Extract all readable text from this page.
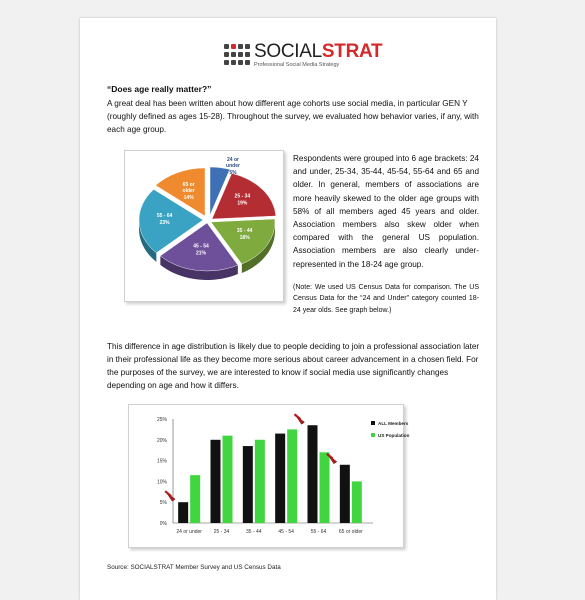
SOCIALSTRAT
Professional Social Media Strategy
“Does age really matter?”
A great deal has been written about how different age cohorts use social media, in particular GEN Y (roughly defined as ages 15-28). Throughout the survey, we evaluated how behavior varies, if any, with each age group.
24 or
under
5%
25 - 34
19%
35 - 44
18%
45 - 54
21%
55 - 64
23%
65 or
older
14%
Respondents were grouped into 6 age brackets: 24 and under, 25-34, 35-44, 45-54, 55-64 and 65 and older. In general, members of associations are more heavily skewed to the older age groups with 58% of all members aged 45 years and older. Association members also skew older when compared with the general US population. Association members are also clearly under-represented in the 18-24 age group.
(Note: We used US Census Data for comparison. The US Census Data for the “24 and Under” category counted 18-24 year olds. See graph below.)
This difference in age distribution is likely due to people deciding to join a professional association later in their professional life as they become more serious about career advancement in a chosen field. For the purposes of the survey, we are interested to know if social media use significantly changes depending on age and how it differs.
0%
5%
10%
15%
20%
25%
24 or under 25 - 34	35 - 44	45 - 54	55 - 64	65 or older
ALL Members
US Population
Source: SOCIALSTRAT Member Survey and US Census Data
